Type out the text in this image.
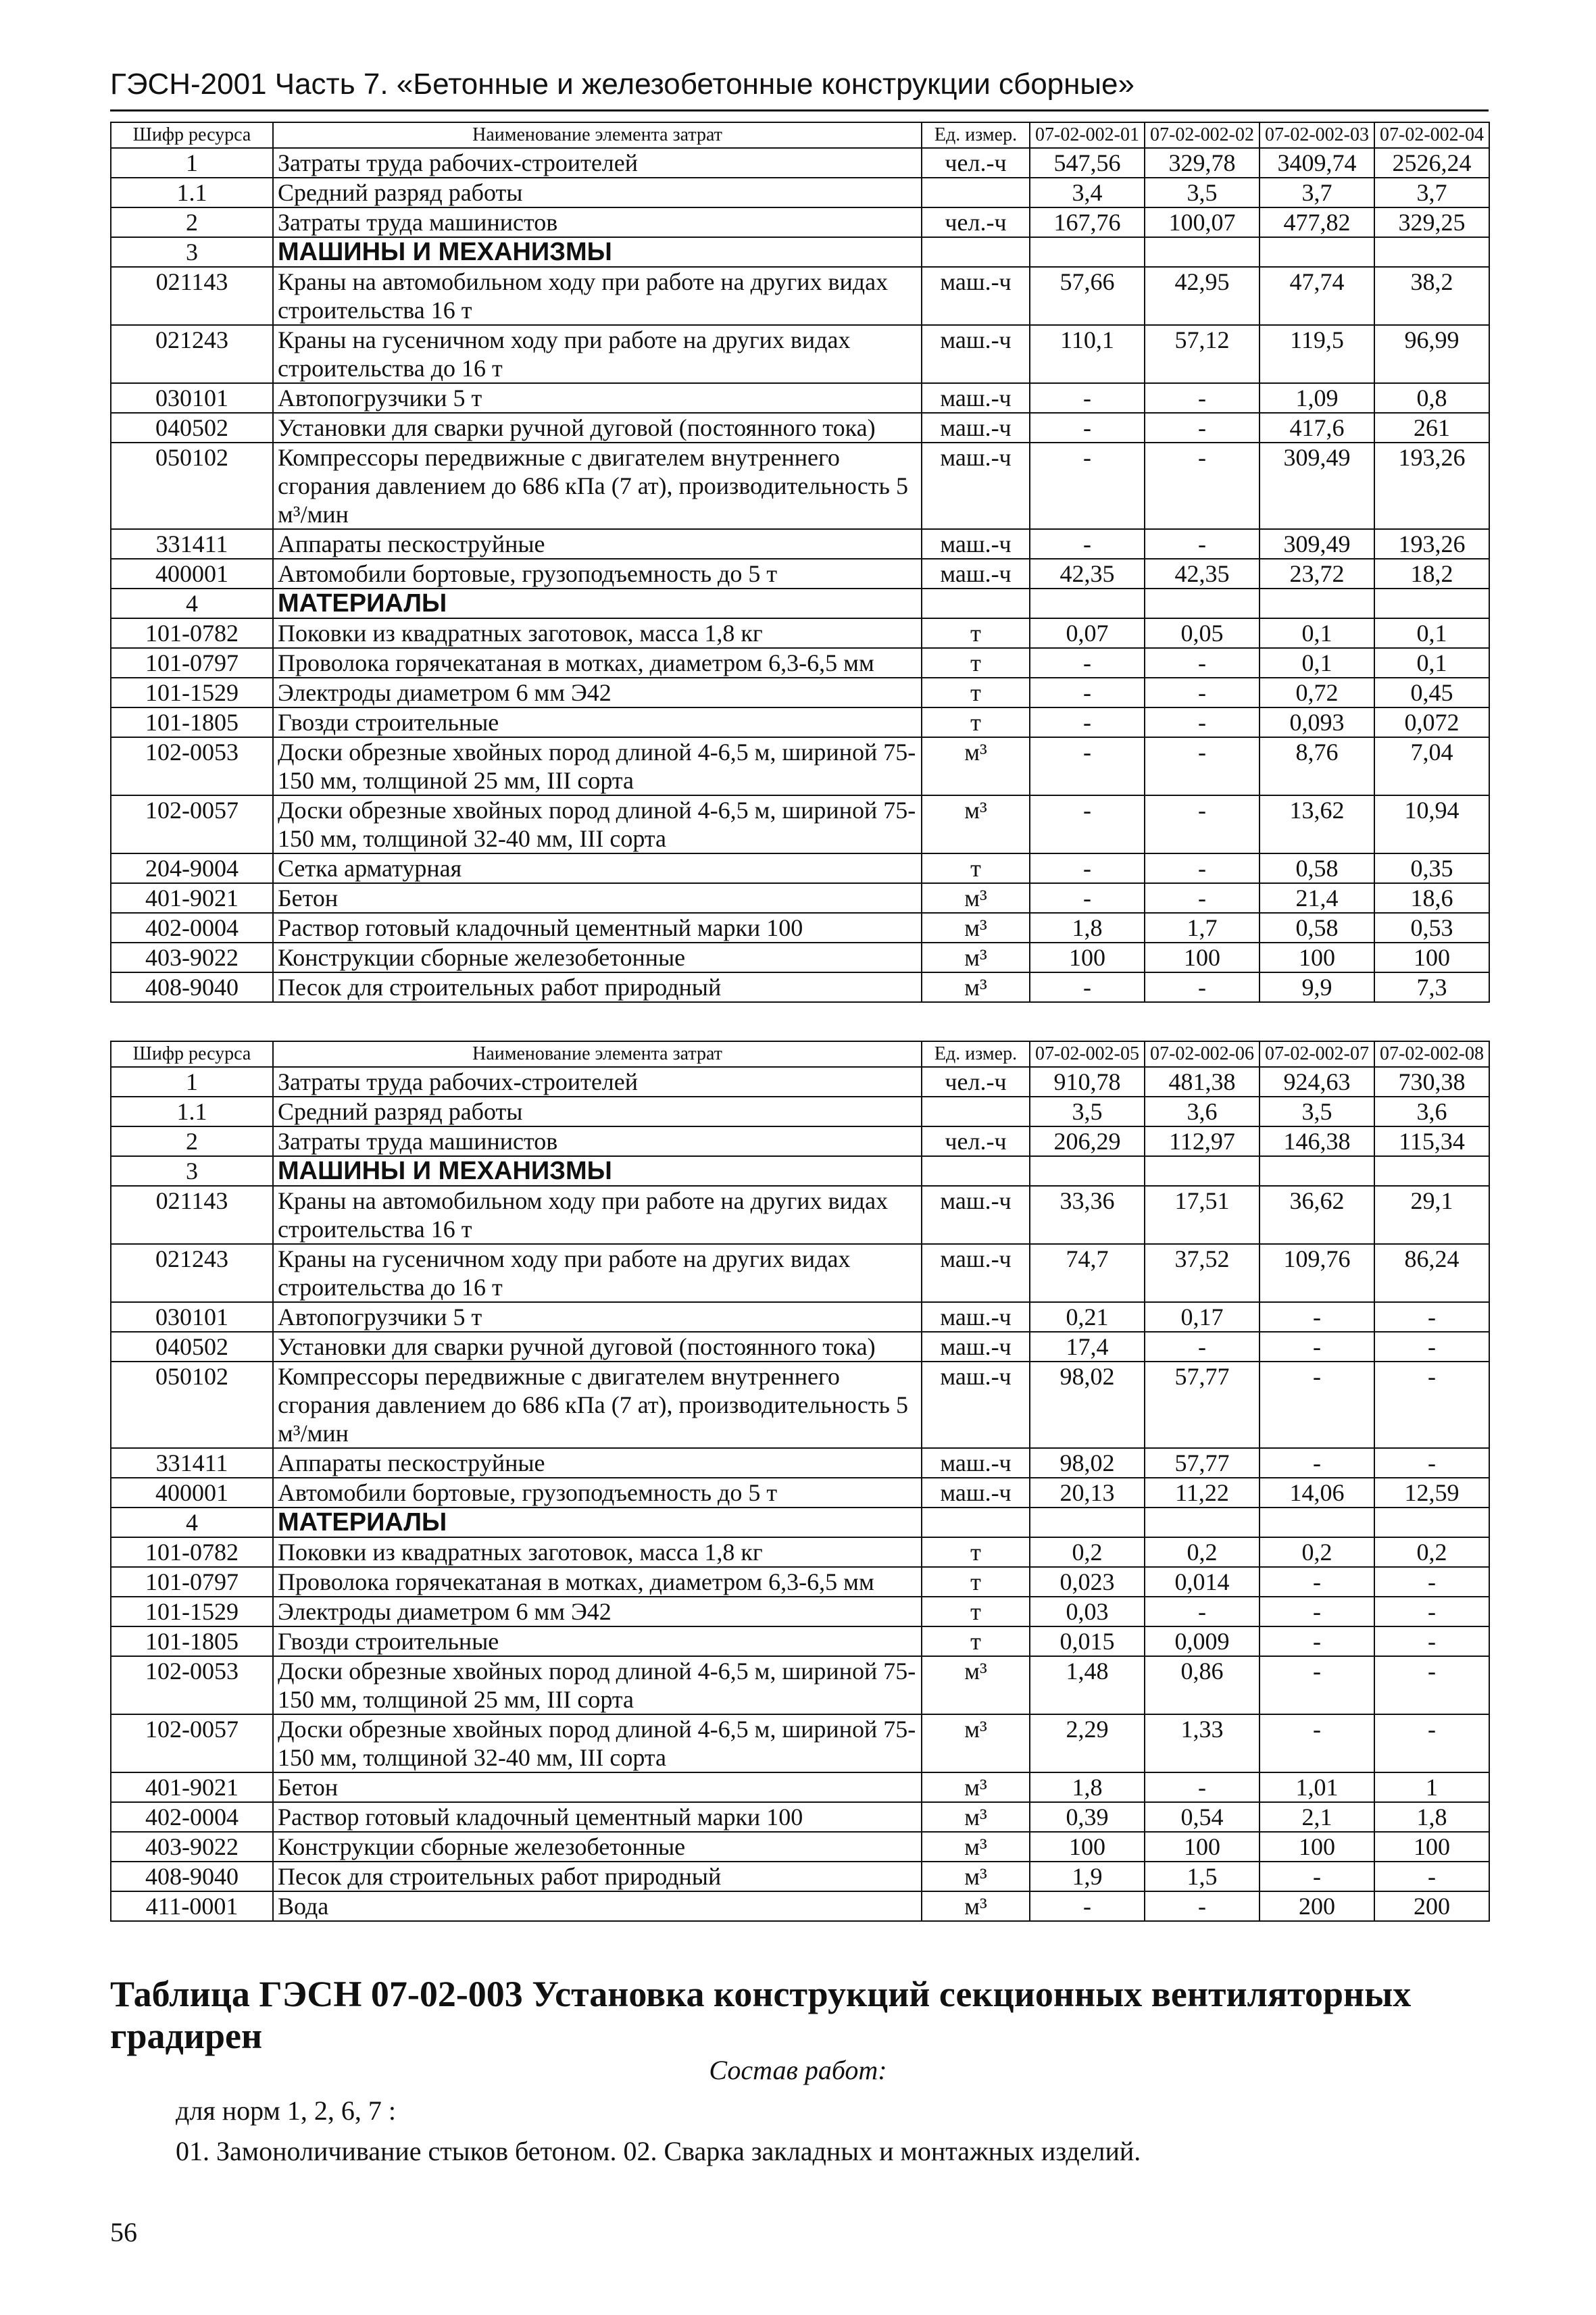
ГЭСН-2001 Часть 7. «Бетонные и железобетонные конструкции сборные»
Шифр ресурса	Наименование элемента затрат	Ед. измер.	07-02-002-01	07-02-002-02	07-02-002-03	07-02-002-04
1	Затраты труда рабочих-строителей	чел.-ч	547,56	329,78	3409,74	2526,24
1.1	Средний разряд работы		3,4	3,5	3,7	3,7
2	Затраты труда машинистов	чел.-ч	167,76	100,07	477,82	329,25
3	МАШИНЫ И МЕХАНИЗМЫ					
021143	Краны на автомобильном ходу при работе на других видах строительства 16 т	маш.-ч	57,66	42,95	47,74	38,2
021243	Краны на гусеничном ходу при работе на других видах строительства до 16 т	маш.-ч	110,1	57,12	119,5	96,99
030101	Автопогрузчики 5 т	маш.-ч	-	-	1,09	0,8
040502	Установки для сварки ручной дуговой (постоянного тока)	маш.-ч	-	-	417,6	261
050102	Компрессоры передвижные с двигателем внутреннего сгорания давлением до 686 кПа (7 ат), производительность 5 м³/мин	маш.-ч	-	-	309,49	193,26
331411	Аппараты пескоструйные	маш.-ч	-	-	309,49	193,26
400001	Автомобили бортовые, грузоподъемность до 5 т	маш.-ч	42,35	42,35	23,72	18,2
4	МАТЕРИАЛЫ					
101-0782	Поковки из квадратных заготовок, масса 1,8 кг	т	0,07	0,05	0,1	0,1
101-0797	Проволока горячекатаная в мотках, диаметром 6,3-6,5 мм	т	-	-	0,1	0,1
101-1529	Электроды диаметром 6 мм Э42	т	-	-	0,72	0,45
101-1805	Гвозди строительные	т	-	-	0,093	0,072
102-0053	Доски обрезные хвойных пород длиной 4-6,5 м, шириной 75-150 мм, толщиной 25 мм, III сорта	м³	-	-	8,76	7,04
102-0057	Доски обрезные хвойных пород длиной 4-6,5 м, шириной 75-150 мм, толщиной 32-40 мм, III сорта	м³	-	-	13,62	10,94
204-9004	Сетка арматурная	т	-	-	0,58	0,35
401-9021	Бетон	м³	-	-	21,4	18,6
402-0004	Раствор готовый кладочный цементный марки 100	м³	1,8	1,7	0,58	0,53
403-9022	Конструкции сборные железобетонные	м³	100	100	100	100
408-9040	Песок для строительных работ природный	м³	-	-	9,9	7,3
Шифр ресурса	Наименование элемента затрат	Ед. измер.	07-02-002-05	07-02-002-06	07-02-002-07	07-02-002-08
1	Затраты труда рабочих-строителей	чел.-ч	910,78	481,38	924,63	730,38
1.1	Средний разряд работы		3,5	3,6	3,5	3,6
2	Затраты труда машинистов	чел.-ч	206,29	112,97	146,38	115,34
3	МАШИНЫ И МЕХАНИЗМЫ					
021143	Краны на автомобильном ходу при работе на других видах строительства 16 т	маш.-ч	33,36	17,51	36,62	29,1
021243	Краны на гусеничном ходу при работе на других видах строительства до 16 т	маш.-ч	74,7	37,52	109,76	86,24
030101	Автопогрузчики 5 т	маш.-ч	0,21	0,17	-	-
040502	Установки для сварки ручной дуговой (постоянного тока)	маш.-ч	17,4	-	-	-
050102	Компрессоры передвижные с двигателем внутреннего сгорания давлением до 686 кПа (7 ат), производительность 5 м³/мин	маш.-ч	98,02	57,77	-	-
331411	Аппараты пескоструйные	маш.-ч	98,02	57,77	-	-
400001	Автомобили бортовые, грузоподъемность до 5 т	маш.-ч	20,13	11,22	14,06	12,59
4	МАТЕРИАЛЫ					
101-0782	Поковки из квадратных заготовок, масса 1,8 кг	т	0,2	0,2	0,2	0,2
101-0797	Проволока горячекатаная в мотках, диаметром 6,3-6,5 мм	т	0,023	0,014	-	-
101-1529	Электроды диаметром 6 мм Э42	т	0,03	-	-	-
101-1805	Гвозди строительные	т	0,015	0,009	-	-
102-0053	Доски обрезные хвойных пород длиной 4-6,5 м, шириной 75-150 мм, толщиной 25 мм, III сорта	м³	1,48	0,86	-	-
102-0057	Доски обрезные хвойных пород длиной 4-6,5 м, шириной 75-150 мм, толщиной 32-40 мм, III сорта	м³	2,29	1,33	-	-
401-9021	Бетон	м³	1,8	-	1,01	1
402-0004	Раствор готовый кладочный цементный марки 100	м³	0,39	0,54	2,1	1,8
403-9022	Конструкции сборные железобетонные	м³	100	100	100	100
408-9040	Песок для строительных работ природный	м³	1,9	1,5	-	-
411-0001	Вода	м³	-	-	200	200
Таблица ГЭСН 07-02-003 Установка конструкций секционных вентиляторных градирен
Состав работ:
для норм 1, 2, 6, 7 :
01. Замоноличивание стыков бетоном. 02. Сварка закладных и монтажных изделий.
56
